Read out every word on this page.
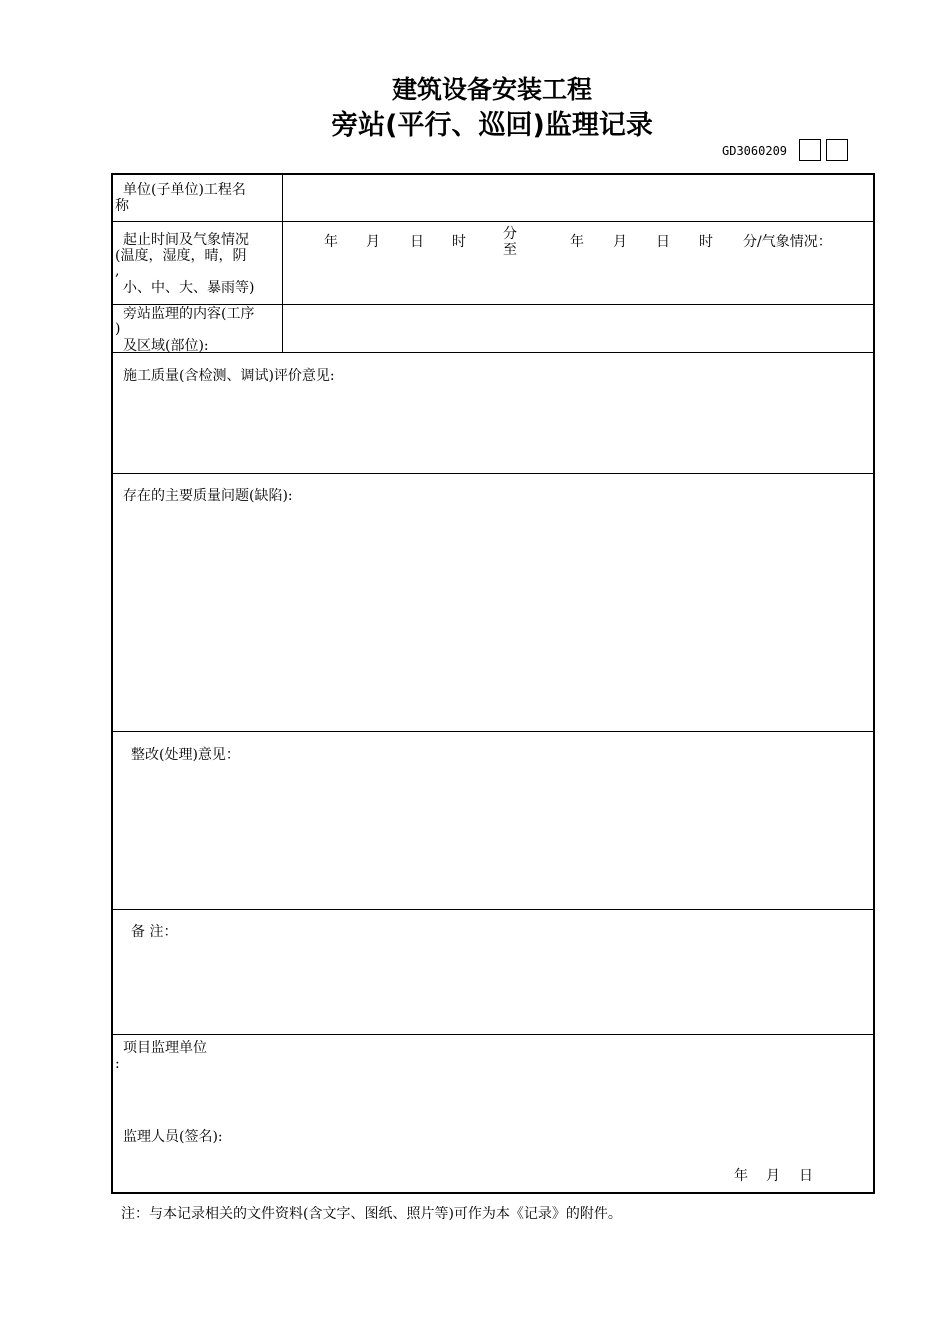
建筑设备安装工程
旁站(平行、巡回)监理记录
GD3060209
单位(子单位)工程名
称
起止时间及气象情况
(温度，湿度，晴，阴
,
小、中、大、暴雨等)
年 月 日 时	分
至	年 月 日 时 分/气象情况：
旁站监理的内容(工序
)
及区域(部位):
施工质量(含检测、调试)评价意见:
存在的主要质量问题(缺陷):
整改(处理)意见：
备 注：
项目监理单位
:
监理人员(签名):
年 月 日
注：与本记录相关的文件资料(含文字、图纸、照片等)可作为本《记录》的附件。
